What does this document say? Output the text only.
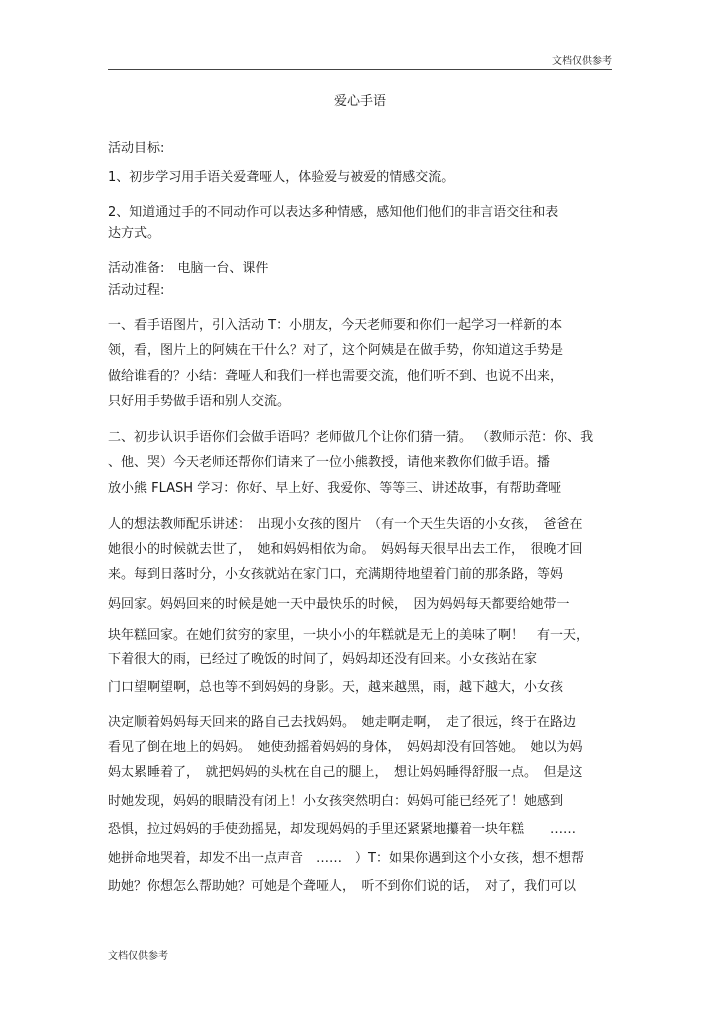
文档仅供参考
爱心手语
活动目标:
1、初步学习用手语关爱聋哑人，体验爱与被爱的情感交流。
2、知道通过手的不同动作可以表达多种情感，感知他们他们的非言语交往和表
达方式。
活动准备:　电脑一台、课件
活动过程:
一、看手语图片，引入活动 T：小朋友，今天老师要和你们一起学习一样新的本
领，看，图片上的阿姨在干什么？对了，这个阿姨是在做手势，你知道这手势是
做给谁看的？小结：聋哑人和我们一样也需要交流，他们听不到、也说不出来，
只好用手势做手语和别人交流。
二、初步认识手语你们会做手语吗？老师做几个让你们猜一猜。 （教师示范：你、我
、他、哭）今天老师还帮你们请来了一位小熊教授，请他来教你们做手语。播
放小熊 FLASH 学习：你好、早上好、我爱你、等等三、讲述故事，有帮助聋哑
人的想法教师配乐讲述：　出现小女孩的图片　（有一个天生失语的小女孩，　爸爸在
她很小的时候就去世了，　她和妈妈相依为命。　妈妈每天很早出去工作，　很晚才回
来。每到日落时分，小女孩就站在家门口，充满期待地望着门前的那条路，等妈
妈回家。妈妈回来的时候是她一天中最快乐的时候，　因为妈妈每天都要给她带一
块年糕回家。在她们贫穷的家里，一块小小的年糕就是无上的美味了啊！　有一天，
下着很大的雨，已经过了晚饭的时间了，妈妈却还没有回来。小女孩站在家
门口望啊望啊，总也等不到妈妈的身影。天，越来越黑，雨，越下越大，小女孩
决定顺着妈妈每天回来的路自己去找妈妈。　她走啊走啊，　走了很远，终于在路边
看见了倒在地上的妈妈。　她使劲摇着妈妈的身体，　妈妈却没有回答她。　她以为妈
妈太累睡着了，　就把妈妈的头枕在自己的腿上，　想让妈妈睡得舒服一点。　但是这
时她发现，妈妈的眼睛没有闭上！小女孩突然明白：妈妈可能已经死了！她感到
恐惧，拉过妈妈的手使劲摇晃，却发现妈妈的手里还紧紧地攥着一块年糕　　……
她拼命地哭着，却发不出一点声音　……　）T：如果你遇到这个小女孩，想不想帮
助她？你想怎么帮助她？可她是个聋哑人，　听不到你们说的话，　对了，我们可以
文档仅供参考
